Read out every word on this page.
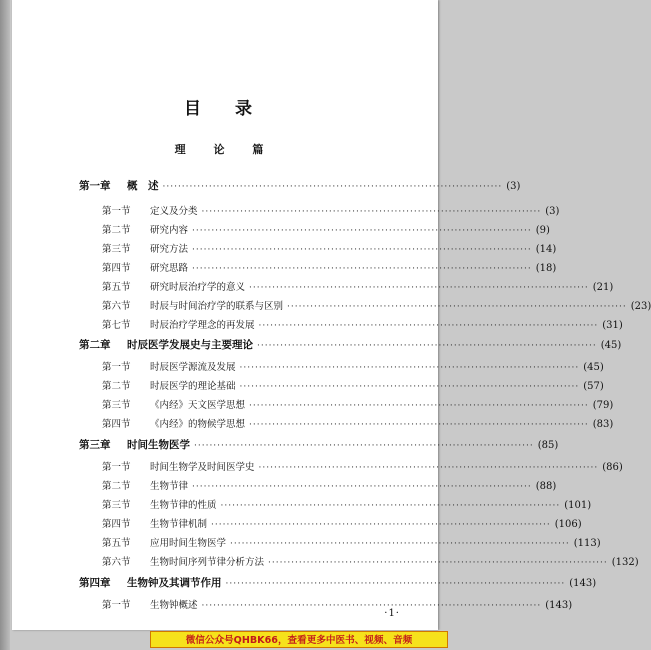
目 录
理 论 篇
第一章 概　述 ························································································ (3)
第一节 定义及分类 ························································································ (3)
第二节 研究内容 ························································································ (9)
第三节 研究方法 ························································································ (14)
第四节 研究思路 ························································································ (18)
第五节 研究时辰治疗学的意义 ························································································ (21)
第六节 时辰与时间治疗学的联系与区别 ························································································ (23)
第七节 时辰治疗学理念的再发展 ························································································ (31)
第二章 时辰医学发展史与主要理论 ························································································ (45)
第一节 时辰医学源流及发展 ························································································ (45)
第二节 时辰医学的理论基础 ························································································ (57)
第三节 《内经》天文医学思想 ························································································ (79)
第四节 《内经》的物候学思想 ························································································ (83)
第三章 时间生物医学 ························································································ (85)
第一节 时间生物学及时间医学史 ························································································ (86)
第二节 生物节律 ························································································ (88)
第三节 生物节律的性质 ························································································ (101)
第四节 生物节律机制 ························································································ (106)
第五节 应用时间生物医学 ························································································ (113)
第六节 生物时间序列节律分析方法 ························································································ (132)
第四章 生物钟及其调节作用 ························································································ (143)
第一节 生物钟概述 ························································································ (143)
·1·
微信公众号QHBK66，查看更多中医书、视频、音频
